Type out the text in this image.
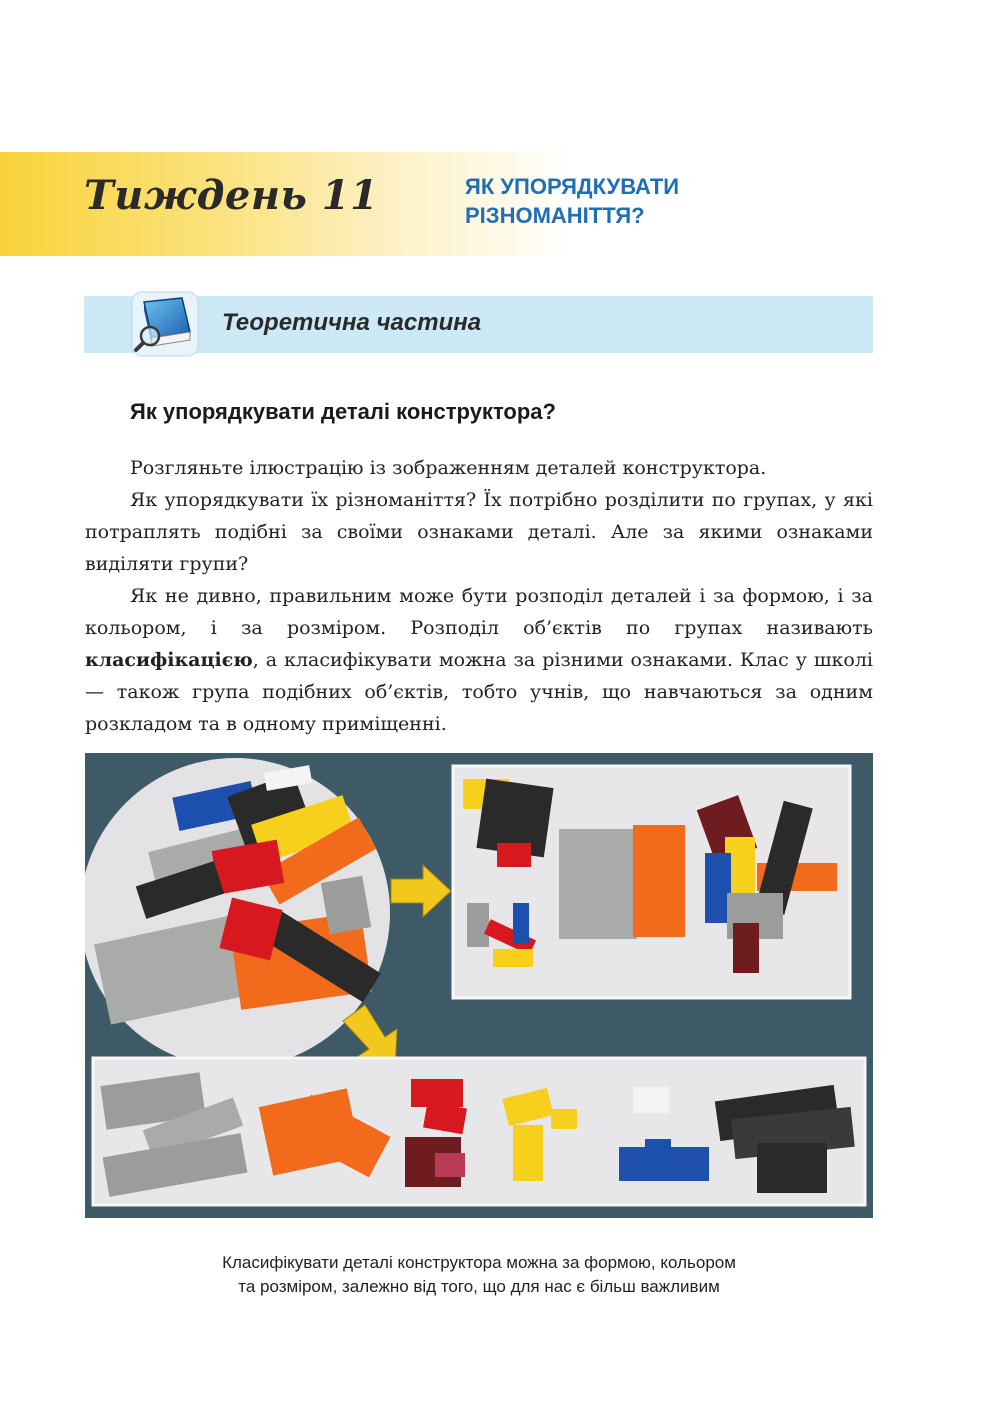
Тиждень 11	ЯК УПОРЯДКУВАТИ
РІЗНОМАНІТТЯ?
Теоретична частина
Як упорядкувати деталі конструктора?

Розгляньте ілюстрацію із зображенням деталей конструктора.

Як упорядкувати їх різноманіття? Їх потрібно розділити по групах, у які потраплять подібні за своїми ознаками деталі. Але за якими ознаками виділяти групи?

Як не дивно, правильним може бути розподіл деталей і за формою, і за кольором, і за розміром. Розподіл об’єктів по групах називають класифікацією, а класифікувати можна за різними ознаками. Клас у школі — також група подібних об’єктів, тобто учнів, що навчаються за одним розкладом та в одному приміщенні.

Класифікувати деталі конструктора можна за формою, кольором
та розміром, залежно від того, що для нас є більш важливим
